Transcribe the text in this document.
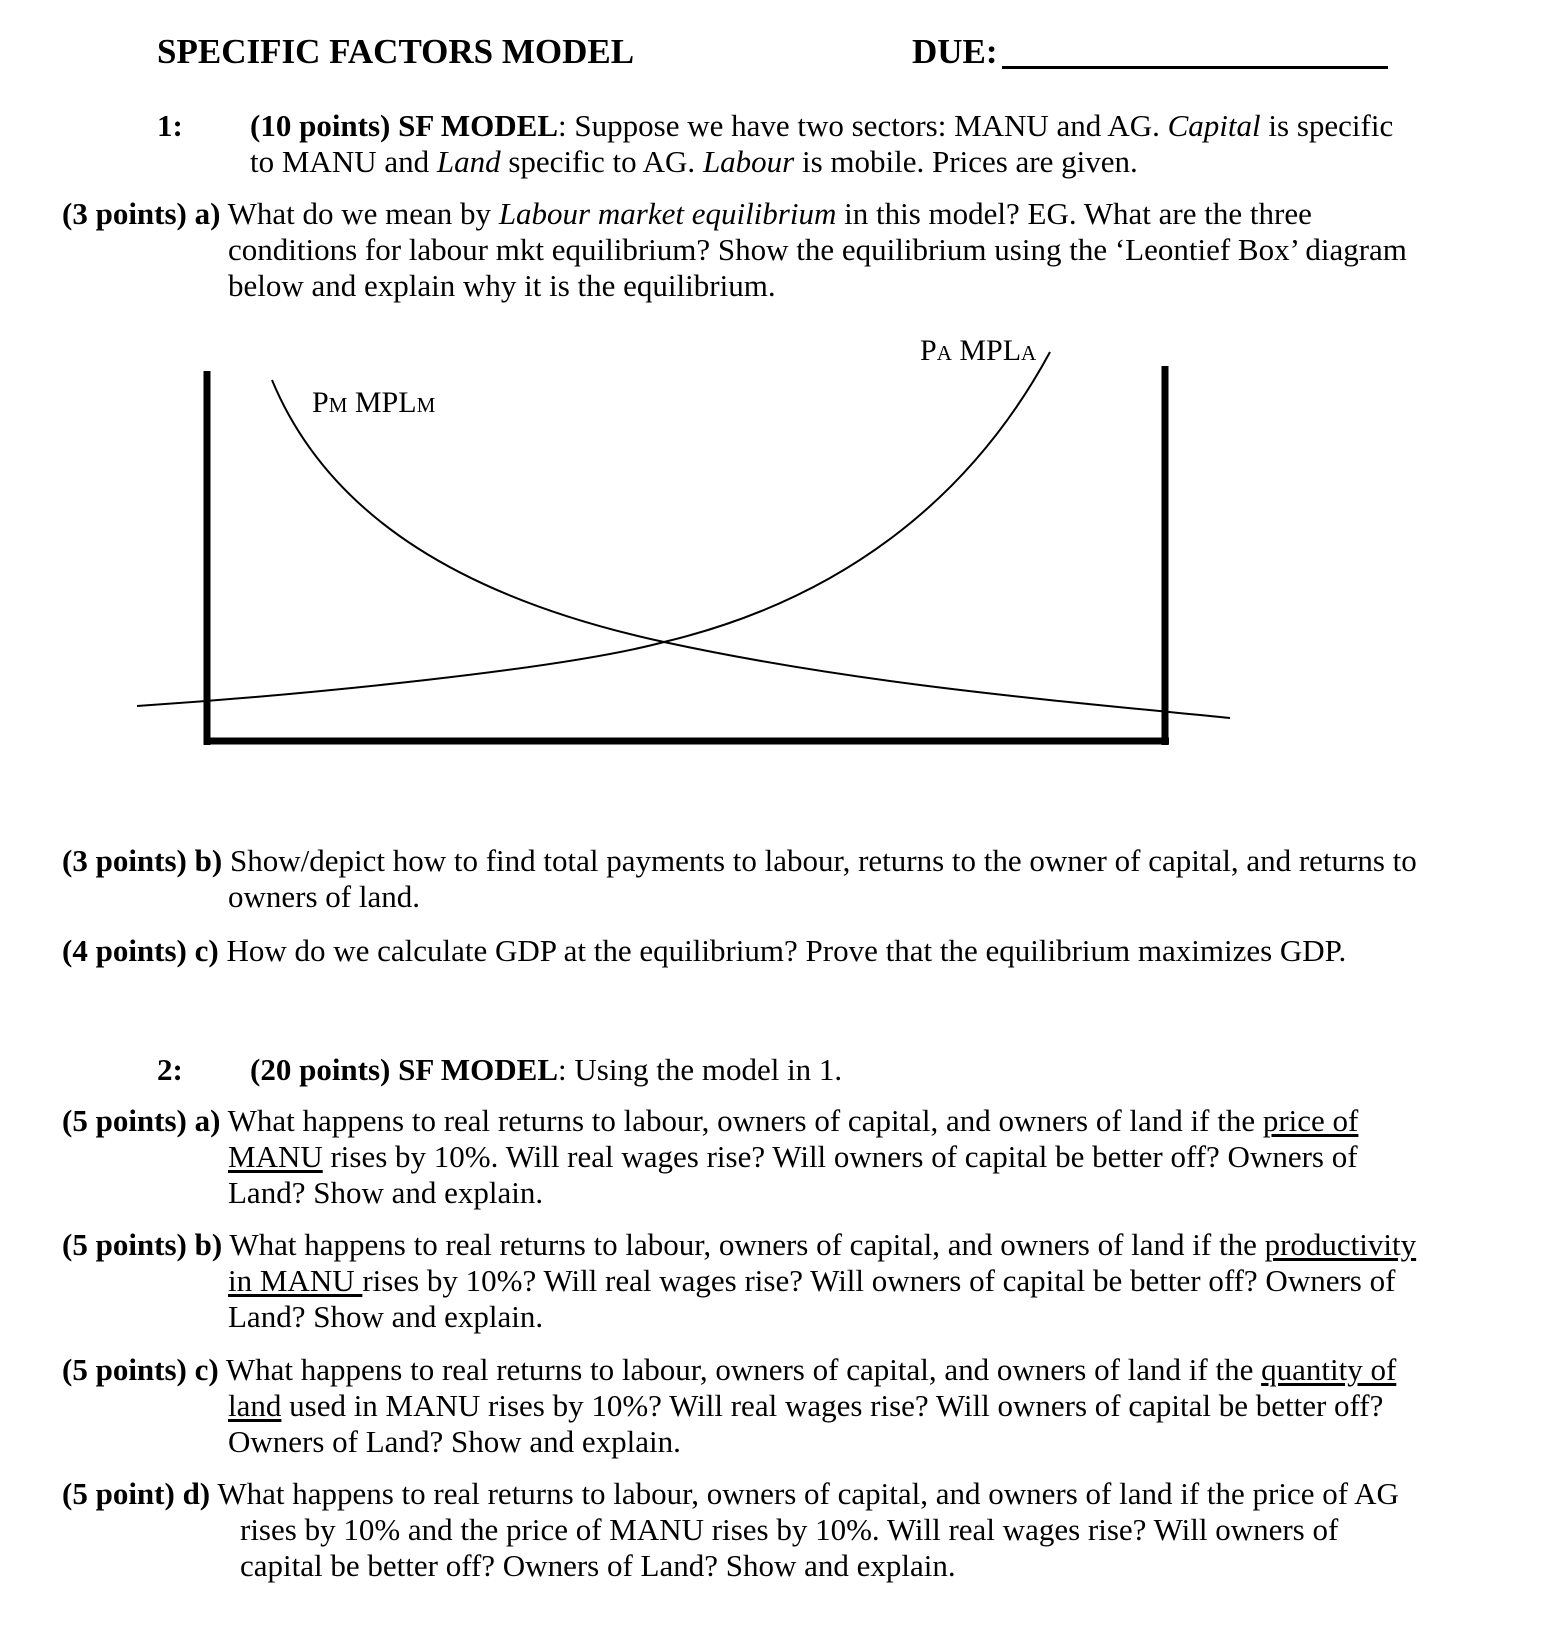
SPECIFIC FACTORS MODEL	DUE:
1: (10 points) SF MODEL: Suppose we have two sectors: MANU and AG. Capital is specific
to MANU and Land specific to AG. Labour is mobile. Prices are given.
(3 points) a) What do we mean by Labour market equilibrium in this model? EG. What are the three
conditions for labour mkt equilibrium? Show the equilibrium using the ‘Leontief Box’ diagram
below and explain why it is the equilibrium.
PM MPLM
PA MPLA
(3 points) b) Show/depict how to find total payments to labour, returns to the owner of capital, and returns to
owners of land.
(4 points) c) How do we calculate GDP at the equilibrium? Prove that the equilibrium maximizes GDP.
2: (20 points) SF MODEL: Using the model in 1.
(5 points) a) What happens to real returns to labour, owners of capital, and owners of land if the price of
MANU rises by 10%. Will real wages rise? Will owners of capital be better off? Owners of
Land? Show and explain.
(5 points) b) What happens to real returns to labour, owners of capital, and owners of land if the productivity
in MANU rises by 10%? Will real wages rise? Will owners of capital be better off? Owners of
Land? Show and explain.
(5 points) c) What happens to real returns to labour, owners of capital, and owners of land if the quantity of
land used in MANU rises by 10%? Will real wages rise? Will owners of capital be better off?
Owners of Land? Show and explain.
(5 point) d) What happens to real returns to labour, owners of capital, and owners of land if the price of AG
rises by 10% and the price of MANU rises by 10%. Will real wages rise? Will owners of
capital be better off? Owners of Land? Show and explain.
